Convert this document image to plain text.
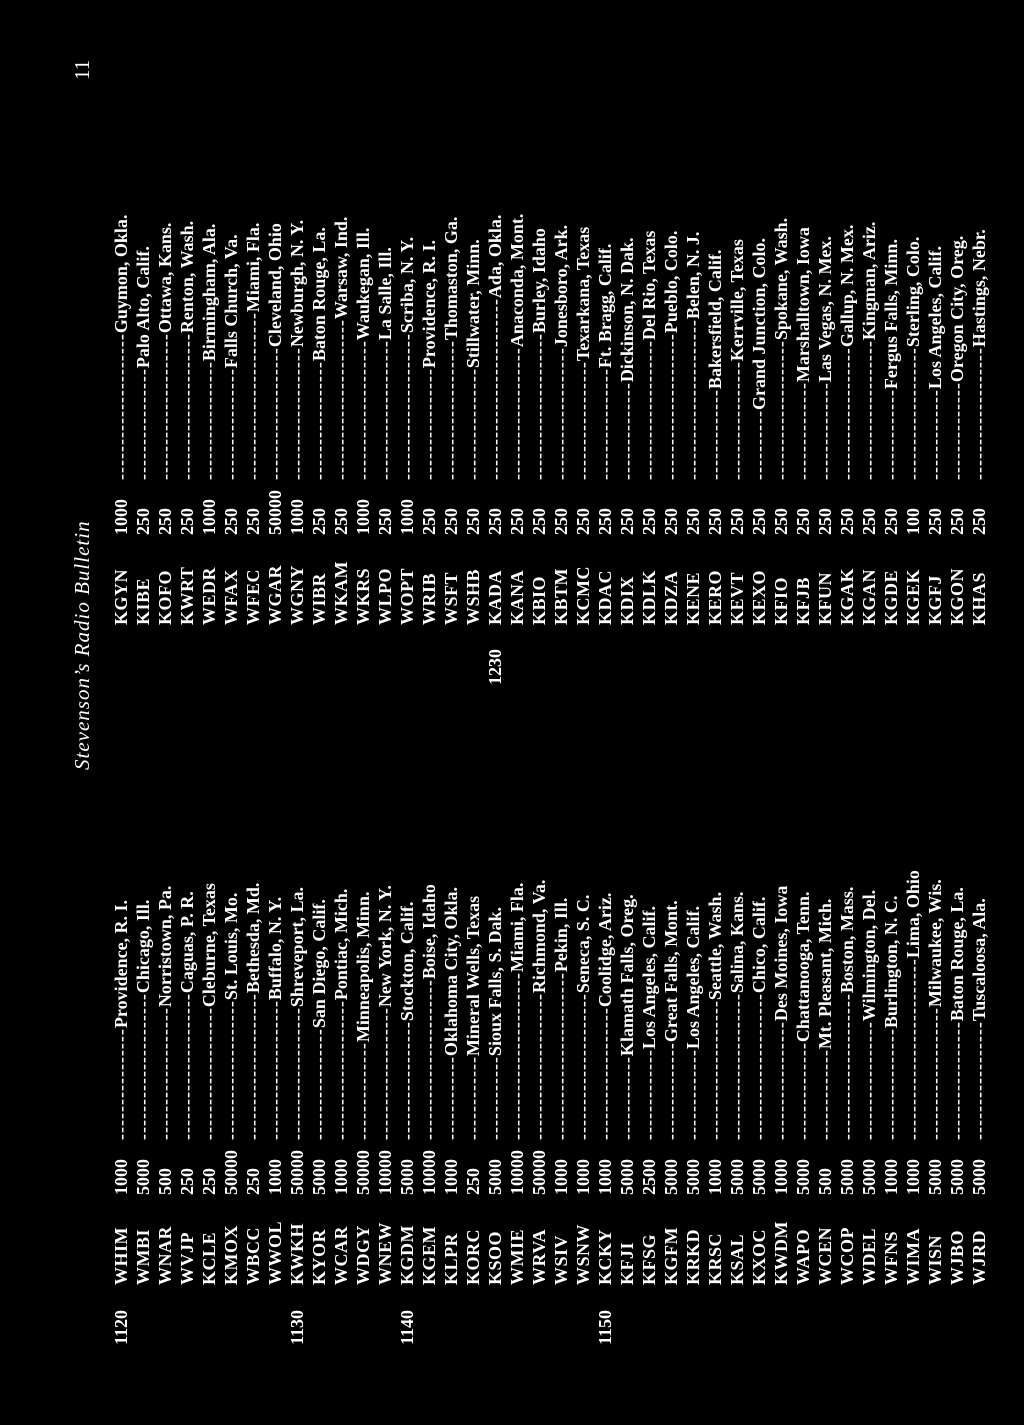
Stevenson’s Radio Bulletin
11
1120
WHIM
1000
----------------Providence, R. I.
WMBI
5000
---------------------Chicago, Ill.
WNAR
500
-------------------Norristown, Pa.
WVJP
250
---------------------Caguas, P. R.
KCLE
250
-------------------Cleburne, Texas
KMOX
50000
--------------------St. Louis, Mo.
WBCC
250
---------------------Bethesda, Md.
WWOL
1000
--------------------Buffalo, N. Y.
1130
KWKH
50000
-------------------Shreveport, La.
KYOR
5000
----------------San Diego, Calif.
WCAR
1000
--------------------Pontiac, Mich.
WDGY
50000
--------------Minneapolis, Minn.
WNEW
10000
-------------------New York, N. Y.
1140
KGDM
5000
-----------------Stockton, Calif.
KGEM
10000
-----------------------Boise, Idaho
KLPR
1000
------------Oklahoma City, Okla.
KORC
250
------------Mineral Wells, Texas
KSOO
5000
------------Sioux Falls, S. Dak.
WMIE
10000
------------------------Miami, Fla.
WRVA
50000
---------------------Richmond, Va.
WSIV
1000
------------------------Pekin, Ill.
WSNW
1000
---------------------Seneca, S. C.
1150
KCKY
1000
-------------------Coolidge, Ariz.
KFJI
5000
------------Klamath Falls, Oreg.
KFSG
2500
-------------Los Angeles, Calif.
KGFM
5000
--------------Great Falls, Mont.
KRKD
5000
-------------Los Angeles, Calif.
KRSC
1000
--------------------Seattle, Wash.
KSAL
5000
---------------------Salina, Kans.
KXOC
5000
---------------------Chico, Calif.
KWDM
1000
-----------------Des Moines, Iowa
WAPO
5000
--------------Chattanooga, Tenn.
WCEN
500
-------------Mt. Pleasant, Mich.
WCOP
5000
---------------------Boston, Mass.
WDEL
5000
-----------------Wilmington, Del.
WFNS
1000
----------------Burlington, N. C.
WIMA
1000
--------------------------Lima, Ohio
WISN
5000
-------------------Milwaukee, Wis.
WJBO
5000
-----------------Baton Rouge, La.
WJRD
5000
-----------------Tuscaloosa, Ala.
KGYN
1000
---------------------Guymon, Okla.
KIBE
250
----------------Palo Alto, Calif.
KOFO
250
---------------------Ottawa, Kans.
KWRT
250
---------------------Renton, Wash.
WEDR
1000
-----------------Birmingham, Ala.
WFAX
250
----------------Falls Church, Va.
WFEC
250
------------------------Miami, Fla.
WGAR
50000
-------------------Cleveland, Ohio
WGNY
1000
-------------------Newburgh, N. Y.
WIBR
250
-----------------Baton Rouge, La.
WKAM
250
-----------------------Warsaw, Ind.
WKRS
1000
--------------------Waukegan, Ill.
WLPO
250
--------------------La Salle, Ill.
WOPT
1000
---------------------Scriba, N. Y.
WRIB
250
----------------Providence, R. I.
WSFT
250
--------------------Thomaston, Ga.
WSHB
250
----------------Stillwater, Minn.
1230
KADA
250
--------------------------Ada, Okla.
KANA
250
-------------------Anaconda, Mont.
KBIO
250
---------------------Burley, Idaho
KBTM
250
-------------------Jonesboro, Ark.
KCMC
250
-----------------Texarkana, Texas
KDAC
250
----------------Ft. Bragg, Calif.
KDIX
250
--------------Dickinson, N. Dak.
KDLK
250
--------------------Del Rio, Texas
KDZA
250
---------------------Pueblo, Colo.
KENE
250
-----------------------Belen, N. J.
KERO
250
-------------Bakersfield, Calif.
KEVT
250
-----------------Kerrville, Texas
KEXO
250
----------Grand Junction, Colo.
KFIO
250
--------------------Spokane, Wash.
KFJB
250
--------------Marshalltown, Iowa
KFUN
250
--------------Las Vegas, N. Mex.
KGAK
250
-------------------Gallup, N. Mex.
KGAN
250
--------------------Kingman, Ariz.
KGDE
250
-------------Fergus Falls, Minn.
KGEK
100
-------------------Sterling, Colo.
KGFJ
250
-------------Los Angeles, Calif.
KGON
250
--------------Oregon City, Oreg.
KHAS
250
-------------------Hastings, Nebr.
